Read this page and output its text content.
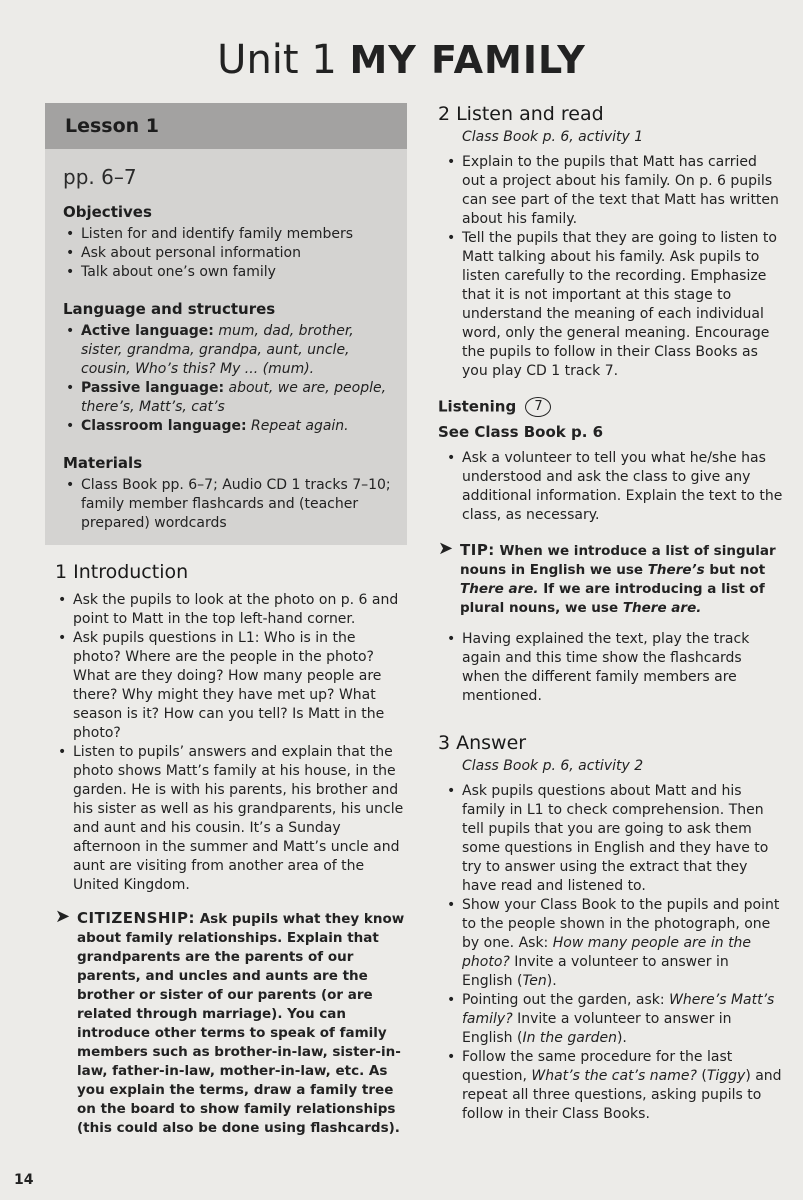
Unit 1 MY FAMILY
Lesson 1
pp. 6–7
Objectives
• Listen for and identify family members
• Ask about personal information
• Talk about one’s own family
Language and structures
• Active language: mum, dad, brother, sister, grandma, grandpa, aunt, uncle, cousin, Who’s this? My ... (mum).
• Passive language: about, we are, people, there’s, Matt’s, cat’s
• Classroom language: Repeat again.
Materials
• Class Book pp. 6–7; Audio CD 1 tracks 7–10; family member flashcards and (teacher prepared) wordcards
1 Introduction
• Ask the pupils to look at the photo on p. 6 and point to Matt in the top left-hand corner.
• Ask pupils questions in L1: Who is in the photo? Where are the people in the photo? What are they doing? How many people are there? Why might they have met up? What season is it? How can you tell? Is Matt in the photo?
• Listen to pupils’ answers and explain that the photo shows Matt’s family at his house, in the garden. He is with his parents, his brother and his sister as well as his grandparents, his uncle and aunt and his cousin. It’s a Sunday afternoon in the summer and Matt’s uncle and aunt are visiting from another area of the United Kingdom.
➤ CITIZENSHIP: Ask pupils what they know about family relationships. Explain that grandparents are the parents of our parents, and uncles and aunts are the brother or sister of our parents (or are related through marriage). You can introduce other terms to speak of family members such as brother-in-law, sister-in-law, father-in-law, mother-in-law, etc. As you explain the terms, draw a family tree on the board to show family relationships (this could also be done using flashcards).
2 Listen and read
Class Book p. 6, activity 1
• Explain to the pupils that Matt has carried out a project about his family. On p. 6 pupils can see part of the text that Matt has written about his family.
• Tell the pupils that they are going to listen to Matt talking about his family. Ask pupils to listen carefully to the recording. Emphasize that it is not important at this stage to understand the meaning of each individual word, only the general meaning. Encourage the pupils to follow in their Class Books as you play CD 1 track 7.
Listening 7
See Class Book p. 6
• Ask a volunteer to tell you what he/she has understood and ask the class to give any additional information. Explain the text to the class, as necessary.
➤ TIP: When we introduce a list of singular nouns in English we use There’s but not There are. If we are introducing a list of plural nouns, we use There are.
• Having explained the text, play the track again and this time show the flashcards when the different family members are mentioned.
3 Answer
Class Book p. 6, activity 2
• Ask pupils questions about Matt and his family in L1 to check comprehension. Then tell pupils that you are going to ask them some questions in English and they have to try to answer using the extract that they have read and listened to.
• Show your Class Book to the pupils and point to the people shown in the photograph, one by one. Ask: How many people are in the photo? Invite a volunteer to answer in English (Ten).
• Pointing out the garden, ask: Where’s Matt’s family? Invite a volunteer to answer in English (In the garden).
• Follow the same procedure for the last question, What’s the cat’s name? (Tiggy) and repeat all three questions, asking pupils to follow in their Class Books.
14
